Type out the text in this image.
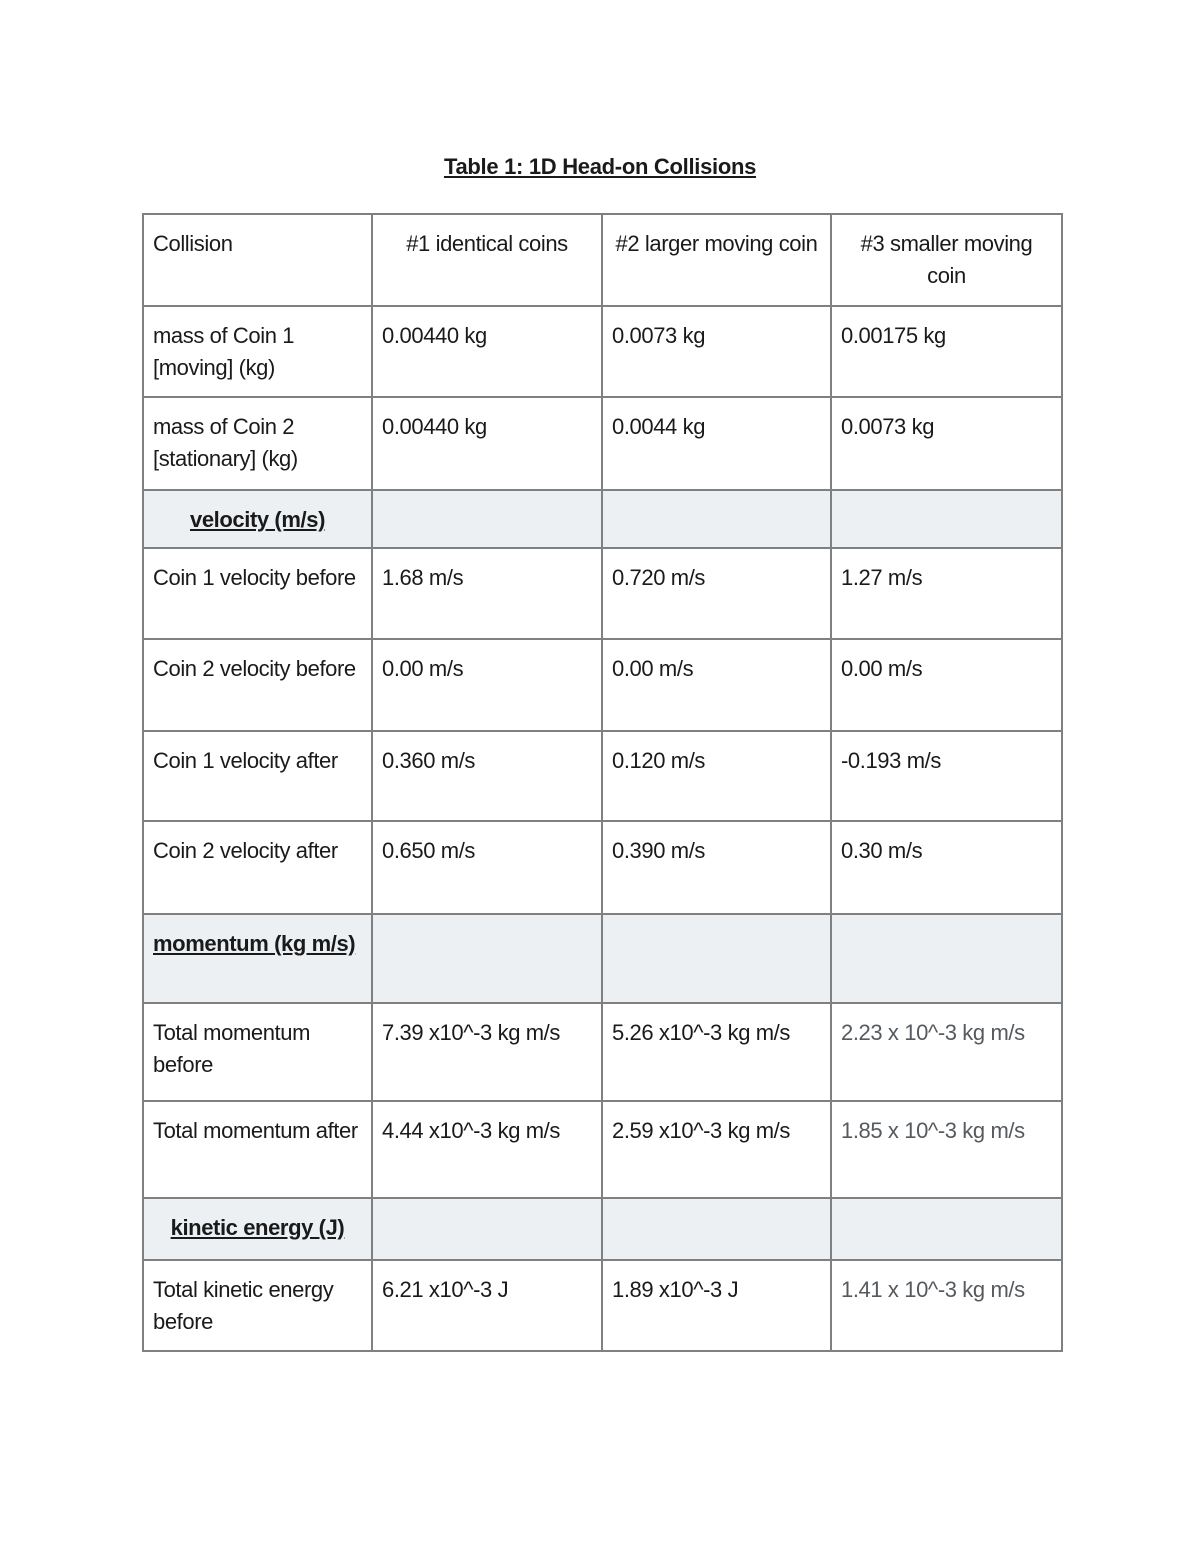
Table 1: 1D Head-on Collisions
Collision	#1 identical coins	#2 larger moving coin	#3 smaller moving coin
mass of Coin 1 [moving] (kg)	0.00440 kg	0.0073 kg	0.00175 kg
mass of Coin 2 [stationary] (kg)	0.00440 kg	0.0044 kg	0.0073 kg
velocity (m/s)			
Coin 1 velocity before	1.68 m/s	0.720 m/s	1.27 m/s
Coin 2 velocity before	0.00 m/s	0.00 m/s	0.00 m/s
Coin 1 velocity after	0.360 m/s	0.120 m/s	-0.193 m/s
Coin 2 velocity after	0.650 m/s	0.390 m/s	0.30 m/s
momentum (kg m/s)			
Total momentum before	7.39 x10^-3 kg m/s	5.26 x10^-3 kg m/s	2.23 x 10^-3 kg m/s
Total momentum after	4.44 x10^-3 kg m/s	2.59 x10^-3 kg m/s	1.85 x 10^-3 kg m/s
kinetic energy (J)			
Total kinetic energy before	6.21 x10^-3 J	1.89 x10^-3 J	1.41 x 10^-3 kg m/s
